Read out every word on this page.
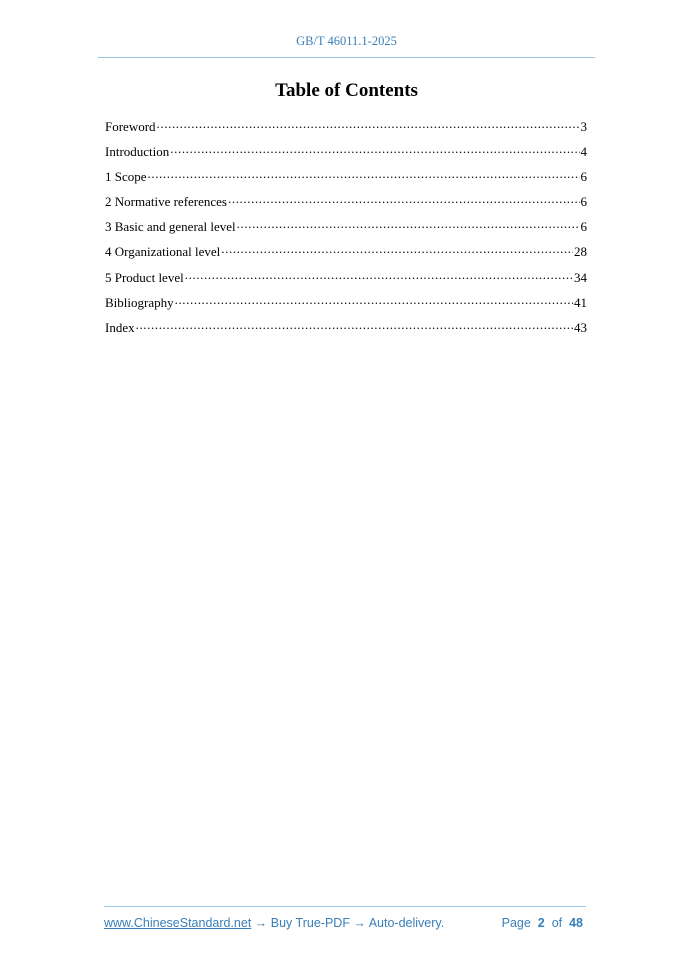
GB/T 46011.1-2025
Table of Contents
Foreword .....	3
Introduction .....	4
1 Scope .....	6
2 Normative references .....	6
3 Basic and general level .....	6
4 Organizational level .....	28
5 Product level .....	34
Bibliography .....	41
Index .....	43
www.ChineseStandard.net → Buy True-PDF → Auto-delivery.	Page 2 of 48
